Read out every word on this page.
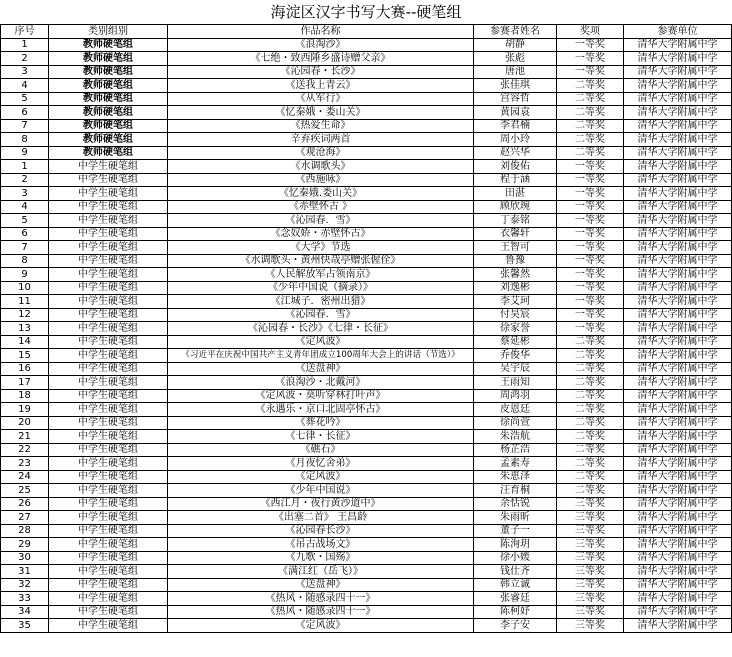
海淀区汉字书写大赛--硬笔组
序号	类别组别	作品名称	参赛者姓名	奖项	参赛单位
1	教师硬笔组	《浪淘沙》	胡静	一等奖	清华大学附属中学
2	教师硬笔组	《七绝・致西陲乡盛诗赠父亲》	张彪	一等奖	清华大学附属中学
3	教师硬笔组	《沁园春・长沙》	唐池	一等奖	清华大学附属中学
4	教师硬笔组	《送我上青云》	张佳琪	二等奖	清华大学附属中学
5	教师硬笔组	《从军行》	宫容哲	二等奖	清华大学附属中学
6	教师硬笔组	《忆秦娥・娄山关》	黄园袁	二等奖	清华大学附属中学
7	教师硬笔组	《热爱生命》	李君楠	二等奖	清华大学附属中学
8	教师硬笔组	辛弃疾词两首	周小玲	二等奖	清华大学附属中学
9	教师硬笔组	《观沧海》	赵兴华	二等奖	清华大学附属中学
1	中学生硬笔组	《水调歌头》	刘俊佑	一等奖	清华大学附属中学
2	中学生硬笔组	《西施咏》	程于涵	一等奖	清华大学附属中学
3	中学生硬笔组	《忆秦娥.娄山关》	田湛	一等奖	清华大学附属中学
4	中学生硬笔组	《赤壁怀古 》	顾欣琬	一等奖	清华大学附属中学
5	中学生硬笔组	《沁园春．雪》	丁泰铭	一等奖	清华大学附属中学
6	中学生硬笔组	《念奴娇・赤壁怀古》	衣馨轩	一等奖	清华大学附属中学
7	中学生硬笔组	《大学》节选	王智可	一等奖	清华大学附属中学
8	中学生硬笔组	《水调歌头・黄州快哉亭赠张偓佺》	鲁豫	一等奖	清华大学附属中学
9	中学生硬笔组	《人民解放军占领南京》	张馨然	一等奖	清华大学附属中学
10	中学生硬笔组	《少年中国说（摘录）》	刘逸彬	一等奖	清华大学附属中学
11	中学生硬笔组	《江城子．密州出猎》	李艾珂	一等奖	清华大学附属中学
12	中学生硬笔组	《沁园春．雪》	付昊宸	一等奖	清华大学附属中学
13	中学生硬笔组	《沁园春・长沙》《七律・长征》	徐家誉	一等奖	清华大学附属中学
14	中学生硬笔组	《定风波》	蔡延彬	二等奖	清华大学附属中学
15	中学生硬笔组	《习近平在庆祝中国共产主义青年团成立100周年大会上的讲话（节选）》	乔俊华	二等奖	清华大学附属中学
16	中学生硬笔组	《送盘神》	吴宇辰	二等奖	清华大学附属中学
17	中学生硬笔组	《浪淘沙・北戴河》	王雨知	二等奖	清华大学附属中学
18	中学生硬笔组	《定风波・莫听穿林打叶声》	周鸿羽	二等奖	清华大学附属中学
19	中学生硬笔组	《永遇乐・京口北固亭怀古》	皮恩廷	二等奖	清华大学附属中学
20	中学生硬笔组	《葬花吟》	徐尚萱	二等奖	清华大学附属中学
21	中学生硬笔组	《七律・长征》	朱浩航	二等奖	清华大学附属中学
22	中学生硬笔组	《礁石》	杨芷浩	二等奖	清华大学附属中学
23	中学生硬笔组	《月夜忆舍弟》	孟素寿	二等奖	清华大学附属中学
24	中学生硬笔组	《定风波》	朱恵泽	二等奖	清华大学附属中学
25	中学生硬笔组	《少年中国说》	汪育桐	二等奖	清华大学附属中学
26	中学生硬笔组	《西江月・夜行黄沙道中》	余恬锐	三等奖	清华大学附属中学
27	中学生硬笔组	《出塞二首》 王昌龄	朱雨昕	三等奖	清华大学附属中学
28	中学生硬笔组	《沁园春长沙》	董子一	三等奖	清华大学附属中学
29	中学生硬笔组	《吊古战场文》	陈洵玥	三等奖	清华大学附属中学
30	中学生硬笔组	《九歌・国殇》	徐小媛	三等奖	清华大学附属中学
31	中学生硬笔组	《满江红（岳飞）》	钱仕齐	三等奖	清华大学附属中学
32	中学生硬笔组	《送盘神》	韩立诚	三等奖	清华大学附属中学
33	中学生硬笔组	《热风・随感录四十一》	张睿廷	三等奖	清华大学附属中学
34	中学生硬笔组	《热风・随感录四十一》	陈柯妤	三等奖	清华大学附属中学
35	中学生硬笔组	《定风波》	李子安	三等奖	清华大学附属中学
